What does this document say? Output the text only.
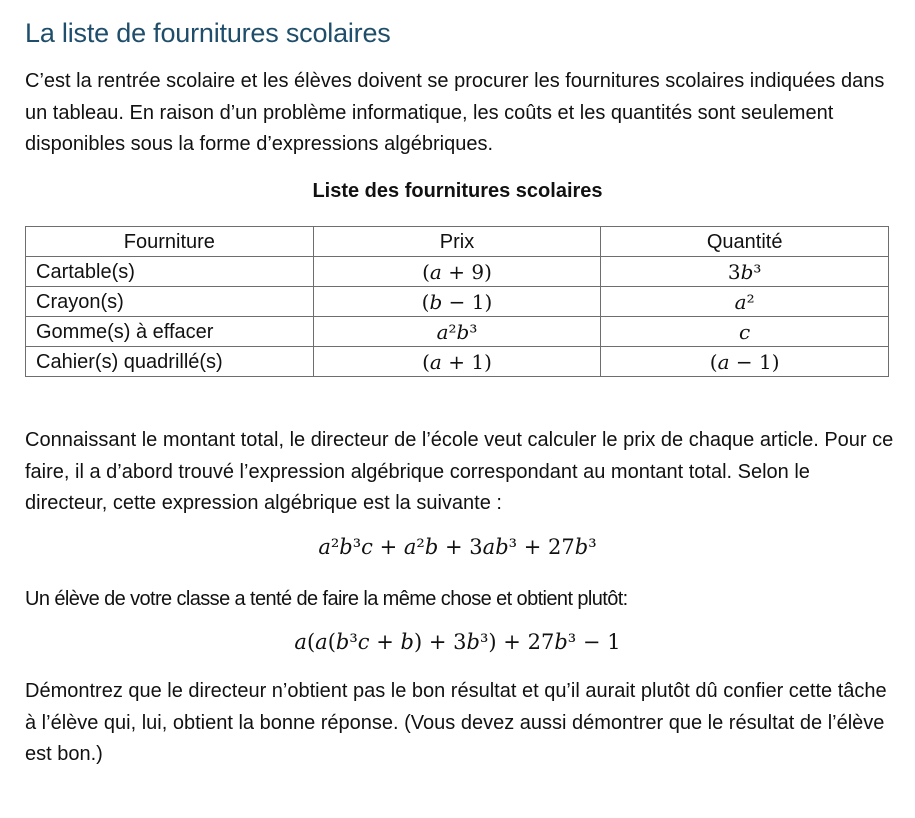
La liste de fournitures scolaires

C’est la rentrée scolaire et les élèves doivent se procurer les fournitures scolaires indiquées dans un tableau. En raison d’un problème informatique, les coûts et les quantités sont seulement disponibles sous la forme d’expressions algébriques.

Liste des fournitures scolaires

Fourniture	Prix	Quantité
Cartable(s)	(a + 9)	3b³
Crayon(s)	(b − 1)	a²
Gomme(s) à effacer	a²b³	c
Cahier(s) quadrillé(s)	(a + 1)	(a − 1)

Connaissant le montant total, le directeur de l’école veut calculer le prix de chaque article. Pour ce faire, il a d’abord trouvé l’expression algébrique correspondant au montant total. Selon le directeur, cette expression algébrique est la suivante :

a²b³c + a²b + 3ab³ + 27b³

Un élève de votre classe a tenté de faire la même chose et obtient plutôt:

a(a(b³c + b) + 3b³) + 27b³ − 1

Démontrez que le directeur n’obtient pas le bon résultat et qu’il aurait plutôt dû confier cette tâche à l’élève qui, lui, obtient la bonne réponse. (Vous devez aussi démontrer que le résultat de l’élève est bon.)
